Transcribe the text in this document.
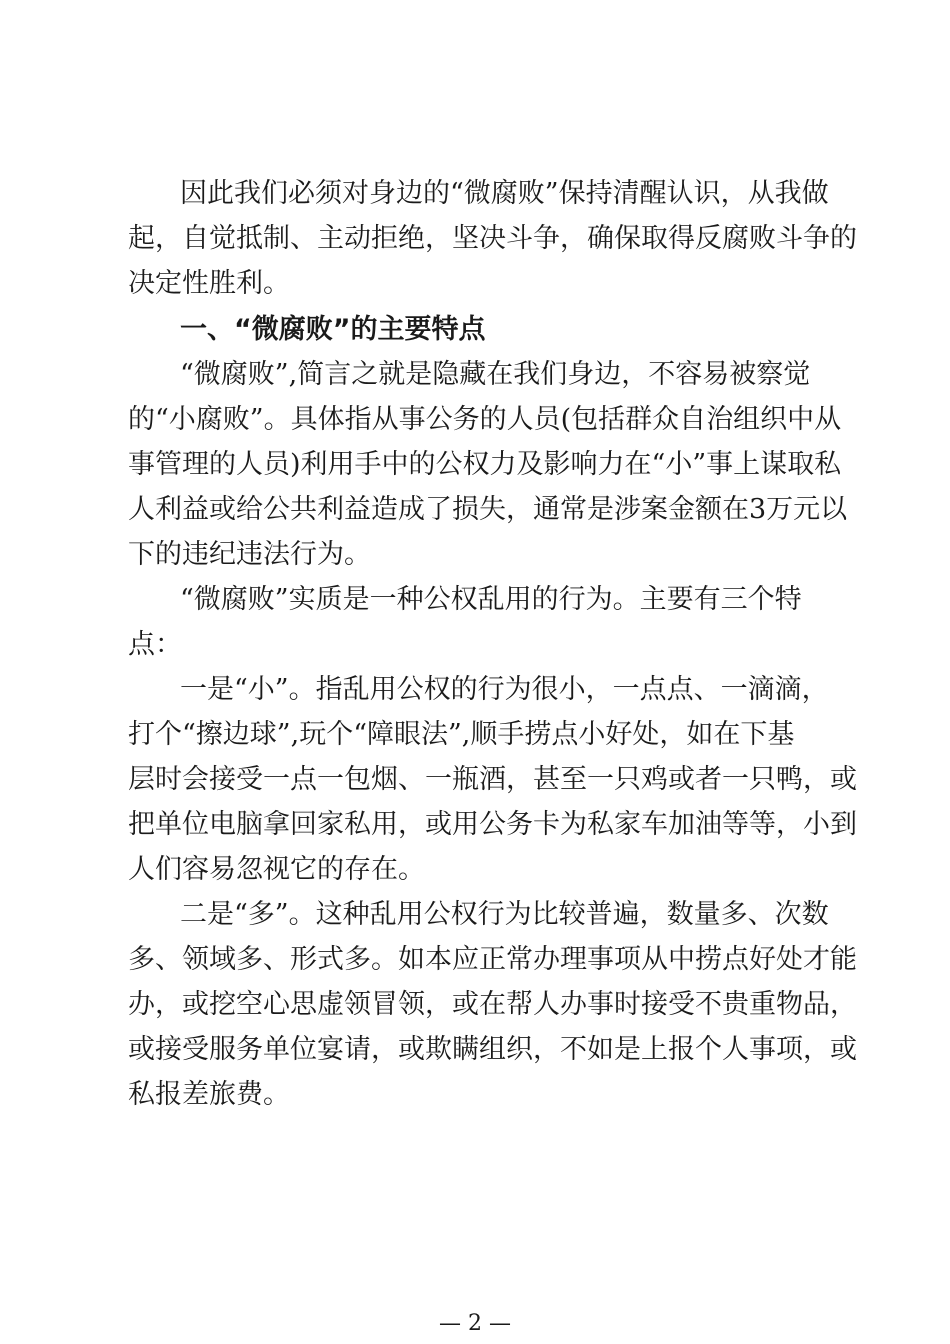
因此我们必须对身边的“微腐败”保持清醒认识，从我做
起，自觉抵制、主动拒绝，坚决斗争，确保取得反腐败斗争的
决定性胜利。
一、“微腐败”的主要特点
“微腐败”,简言之就是隐藏在我们身边，不容易被察觉
的“小腐败”。具体指从事公务的人员(包括群众自治组织中从
事管理的人员)利用手中的公权力及影响力在“小”事上谋取私
人利益或给公共利益造成了损失，通常是涉案金额在3万元以
下的违纪违法行为。
“微腐败”实质是一种公权乱用的行为。主要有三个特
点：
一是“小”。指乱用公权的行为很小，一点点、一滴滴，
打个“擦边球”,玩个“障眼法”,顺手捞点小好处，如在下基
层时会接受一点一包烟、一瓶酒，甚至一只鸡或者一只鸭，或
把单位电脑拿回家私用，或用公务卡为私家车加油等等，小到
人们容易忽视它的存在。
二是“多”。这种乱用公权行为比较普遍，数量多、次数
多、领域多、形式多。如本应正常办理事项从中捞点好处才能
办，或挖空心思虚领冒领，或在帮人办事时接受不贵重物品，
或接受服务单位宴请，或欺瞒组织，不如是上报个人事项，或
私报差旅费。
— 2 —
